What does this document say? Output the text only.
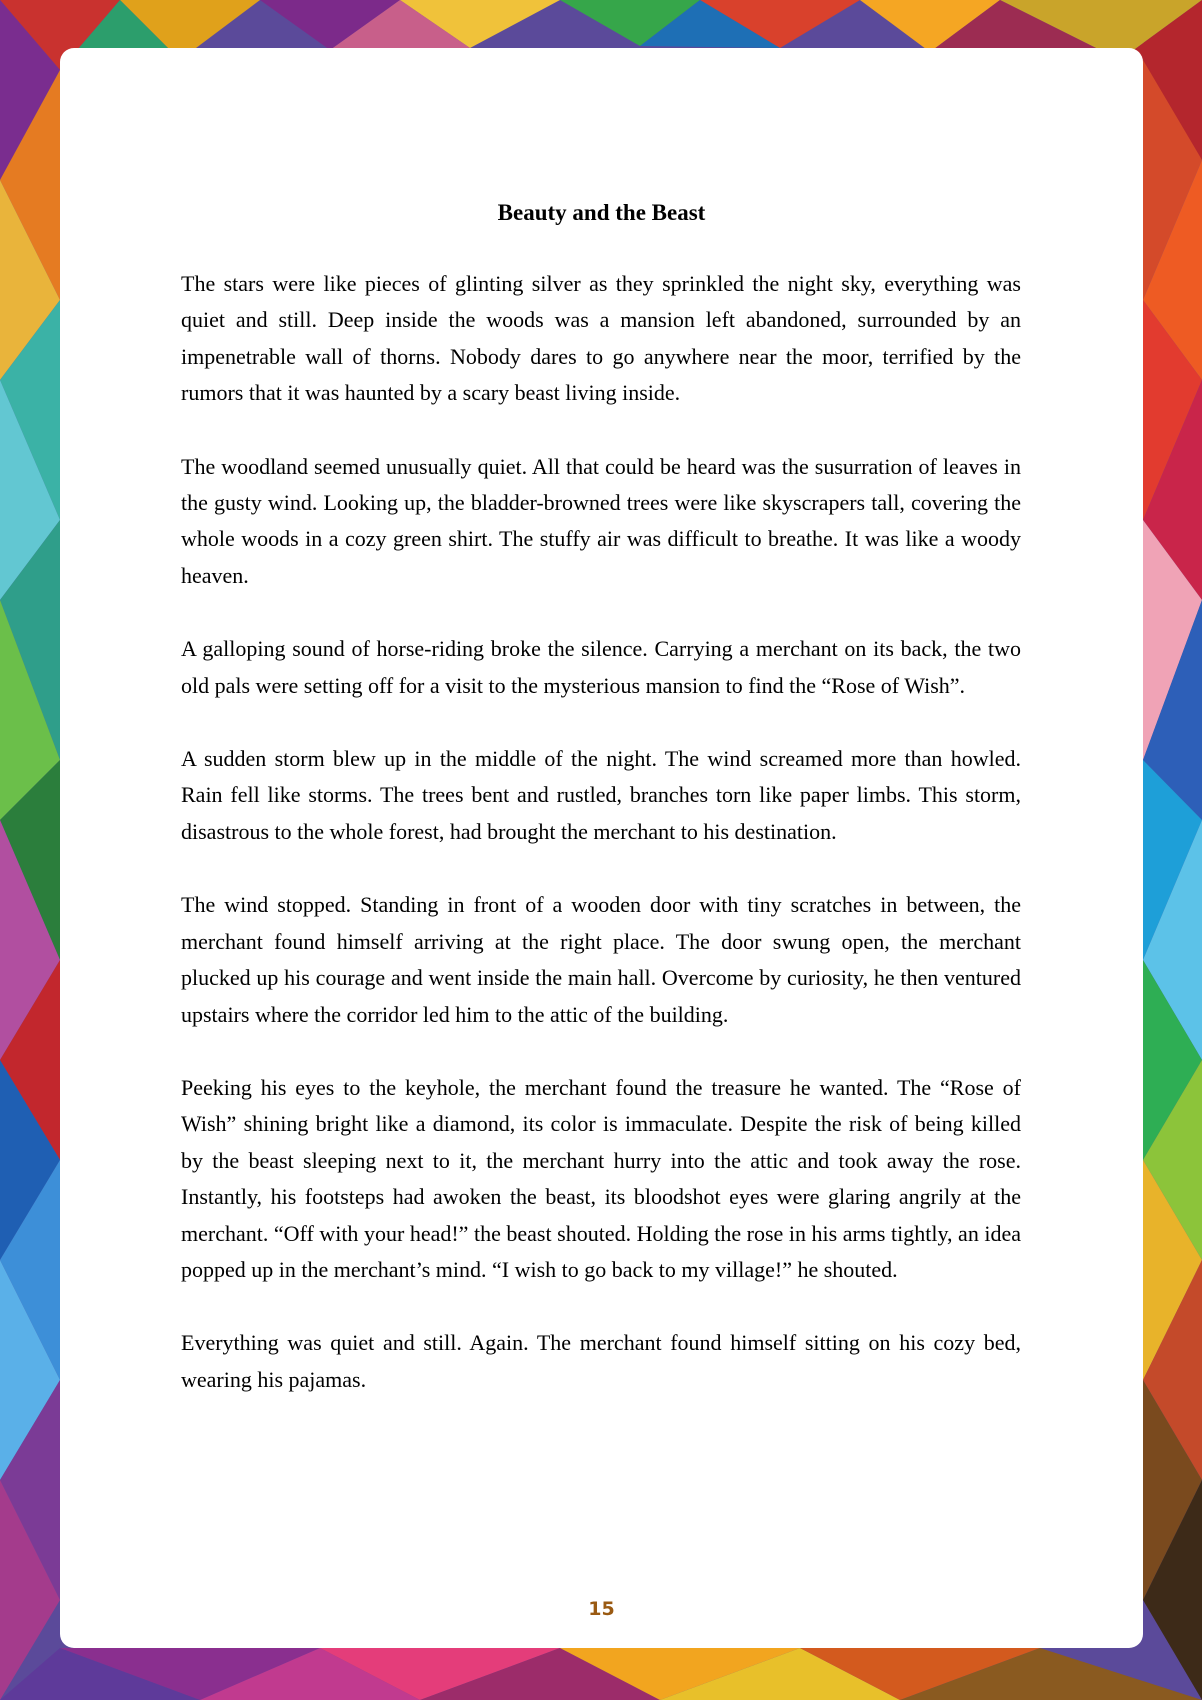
Beauty and the Beast

The stars were like pieces of glinting silver as they sprinkled the night sky, everything was quiet and still. Deep inside the woods was a mansion left abandoned, surrounded by an impenetrable wall of thorns. Nobody dares to go anywhere near the moor, terrified by the rumors that it was haunted by a scary beast living inside.

The woodland seemed unusually quiet. All that could be heard was the susurration of leaves in the gusty wind. Looking up, the bladder-browned trees were like skyscrapers tall, covering the whole woods in a cozy green shirt. The stuffy air was difficult to breathe. It was like a woody heaven.

A galloping sound of horse-riding broke the silence. Carrying a merchant on its back, the two old pals were setting off for a visit to the mysterious mansion to find the “Rose of Wish”.

A sudden storm blew up in the middle of the night. The wind screamed more than howled. Rain fell like storms. The trees bent and rustled, branches torn like paper limbs. This storm, disastrous to the whole forest, had brought the merchant to his destination.

The wind stopped. Standing in front of a wooden door with tiny scratches in between, the merchant found himself arriving at the right place. The door swung open, the merchant plucked up his courage and went inside the main hall. Overcome by curiosity, he then ventured upstairs where the corridor led him to the attic of the building.

Peeking his eyes to the keyhole, the merchant found the treasure he wanted. The “Rose of Wish” shining bright like a diamond, its color is immaculate. Despite the risk of being killed by the beast sleeping next to it, the merchant hurry into the attic and took away the rose. Instantly, his footsteps had awoken the beast, its bloodshot eyes were glaring angrily at the merchant. “Off with your head!” the beast shouted. Holding the rose in his arms tightly, an idea popped up in the merchant’s mind. “I wish to go back to my village!” he shouted.

Everything was quiet and still. Again. The merchant found himself sitting on his cozy bed, wearing his pajamas.

15
